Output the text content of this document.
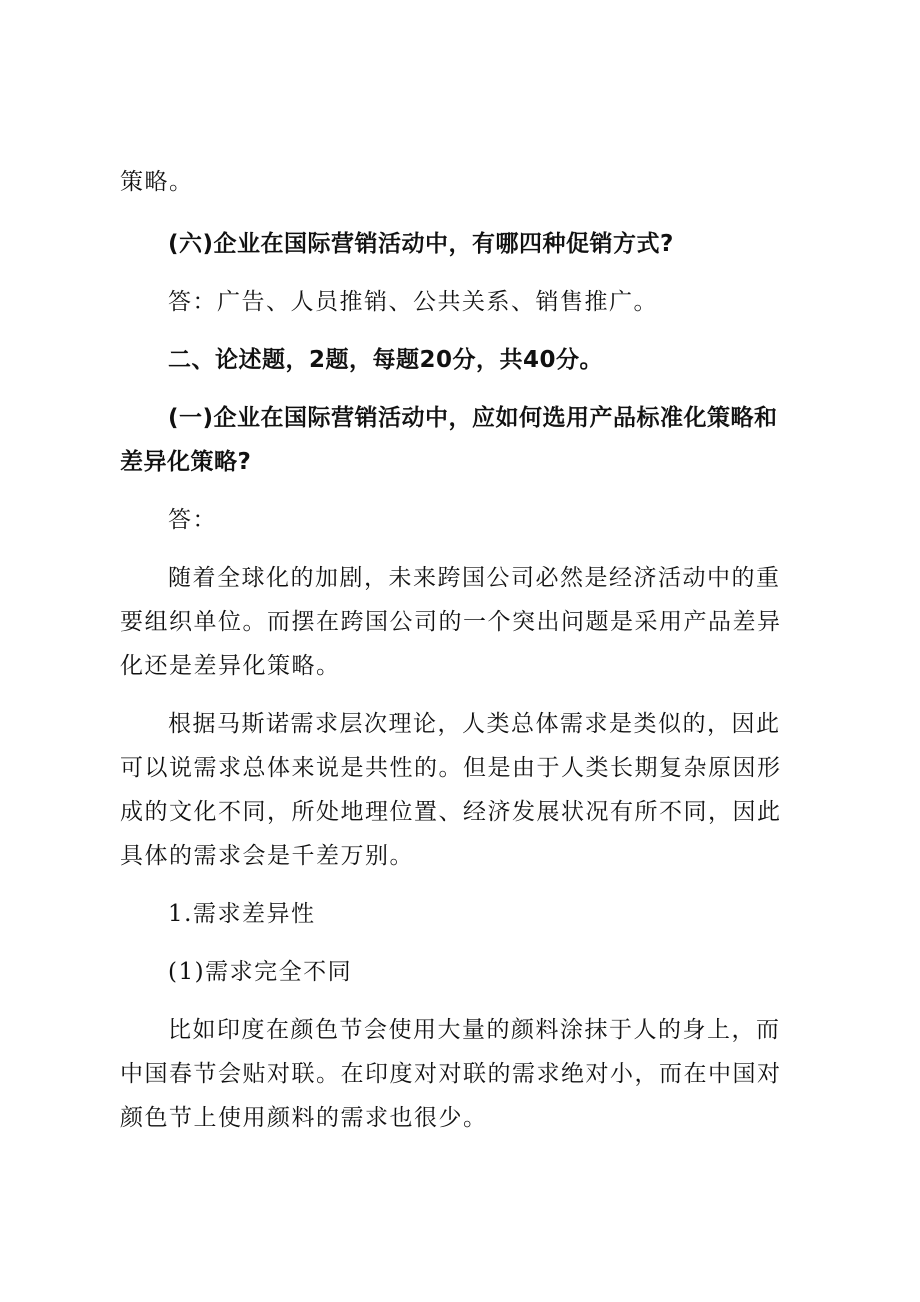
策略。

(六)企业在国际营销活动中，有哪四种促销方式?

答：广告、人员推销、公共关系、销售推广。

二、论述题，2题，每题20分，共40分。

(一)企业在国际营销活动中，应如何选用产品标准化策略和差异化策略?

答：

随着全球化的加剧，未来跨国公司必然是经济活动中的重要组织单位。而摆在跨国公司的一个突出问题是采用产品差异化还是差异化策略。

根据马斯诺需求层次理论，人类总体需求是类似的，因此可以说需求总体来说是共性的。但是由于人类长期复杂原因形成的文化不同，所处地理位置、经济发展状况有所不同，因此具体的需求会是千差万别。

1.需求差异性

(1)需求完全不同

比如印度在颜色节会使用大量的颜料涂抹于人的身上，而中国春节会贴对联。在印度对对联的需求绝对小，而在中国对颜色节上使用颜料的需求也很少。
